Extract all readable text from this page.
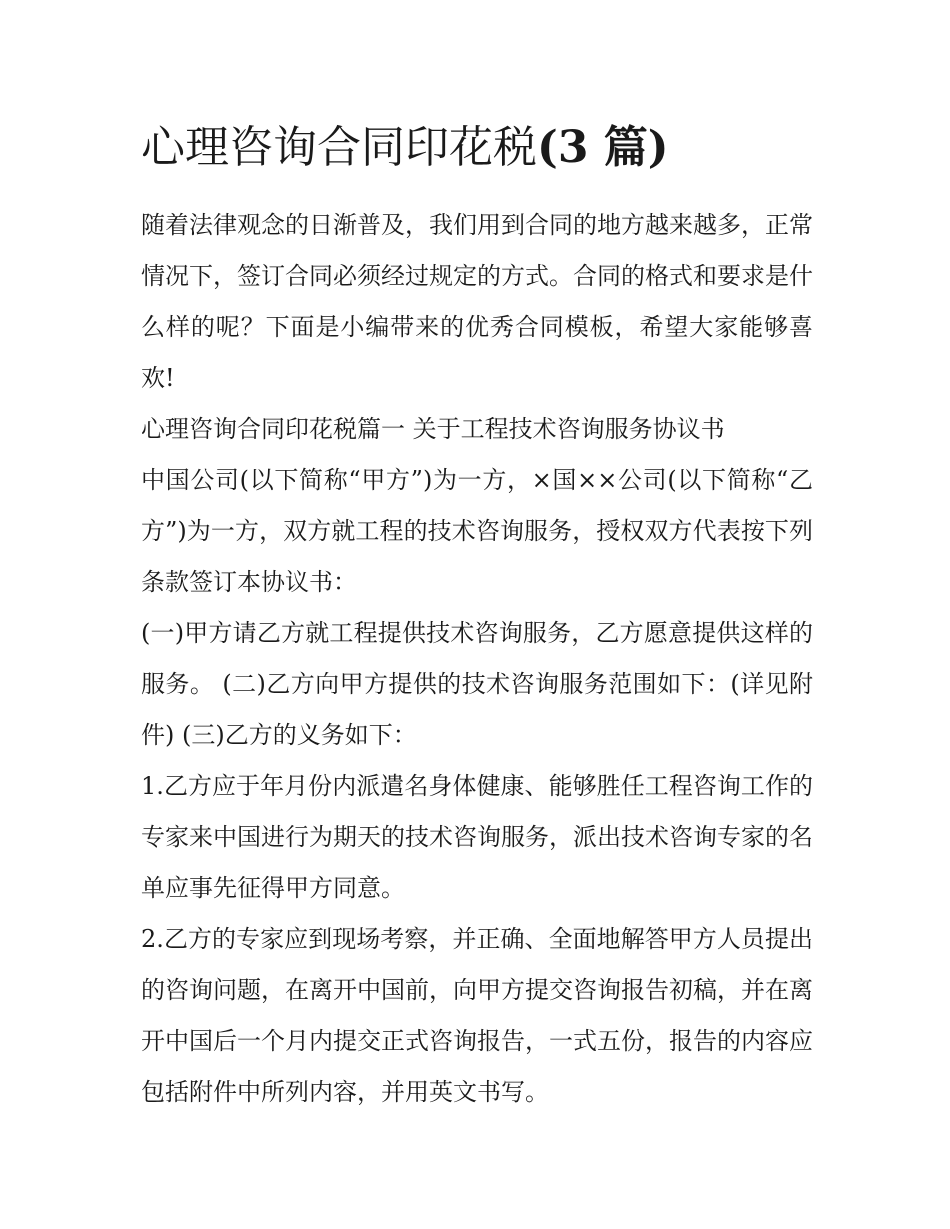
心理咨询合同印花税(3 篇)

随着法律观念的日渐普及，我们用到合同的地方越来越多，正常情况下，签订合同必须经过规定的方式。合同的格式和要求是什么样的呢？下面是小编带来的优秀合同模板，希望大家能够喜欢!

心理咨询合同印花税篇一 关于工程技术咨询服务协议书

中国公司(以下简称“甲方”)为一方，×国××公司(以下简称“乙方”)为一方，双方就工程的技术咨询服务，授权双方代表按下列条款签订本协议书：

(一)甲方请乙方就工程提供技术咨询服务，乙方愿意提供这样的服务。 (二)乙方向甲方提供的技术咨询服务范围如下：(详见附件) (三)乙方的义务如下：

1.乙方应于年月份内派遣名身体健康、能够胜任工程咨询工作的专家来中国进行为期天的技术咨询服务，派出技术咨询专家的名单应事先征得甲方同意。

2.乙方的专家应到现场考察，并正确、全面地解答甲方人员提出的咨询问题，在离开中国前，向甲方提交咨询报告初稿，并在离开中国后一个月内提交正式咨询报告，一式五份，报告的内容应包括附件中所列内容，并用英文书写。
